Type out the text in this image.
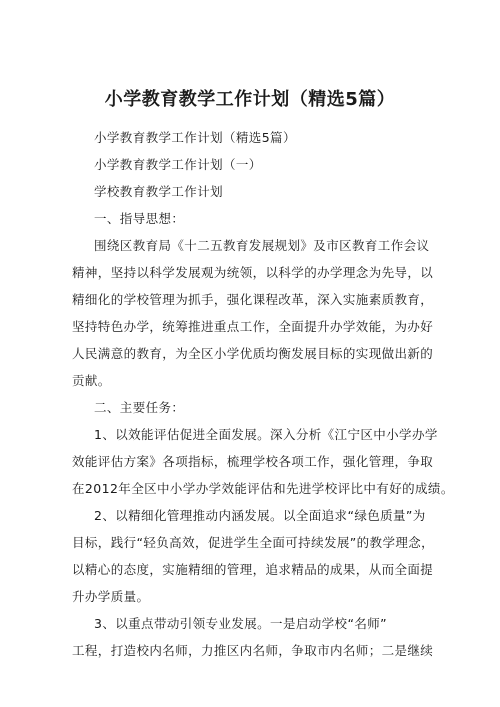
小学教育教学工作计划（精选5篇）
小学教育教学工作计划（精选5篇）
小学教育教学工作计划（一）
学校教育教学工作计划
一、指导思想：
围绕区教育局《十二五教育发展规划》及市区教育工作会议
精神，坚持以科学发展观为统领，以科学的办学理念为先导，以
精细化的学校管理为抓手，强化课程改革，深入实施素质教育，
坚持特色办学，统筹推进重点工作，全面提升办学效能，为办好
人民满意的教育，为全区小学优质均衡发展目标的实现做出新的
贡献。
二、主要任务：
1、以效能评估促进全面发展。深入分析《江宁区中小学办学
效能评估方案》各项指标，梳理学校各项工作，强化管理，争取
在2012年全区中小学办学效能评估和先进学校评比中有好的成绩。
2、以精细化管理推动内涵发展。以全面追求“绿色质量”为
目标，践行“轻负高效，促进学生全面可持续发展”的教学理念，
以精心的态度，实施精细的管理，追求精品的成果，从而全面提
升办学质量。
3、以重点带动引领专业发展。一是启动学校“名师”
工程，打造校内名师，力推区内名师，争取市内名师；二是继续
